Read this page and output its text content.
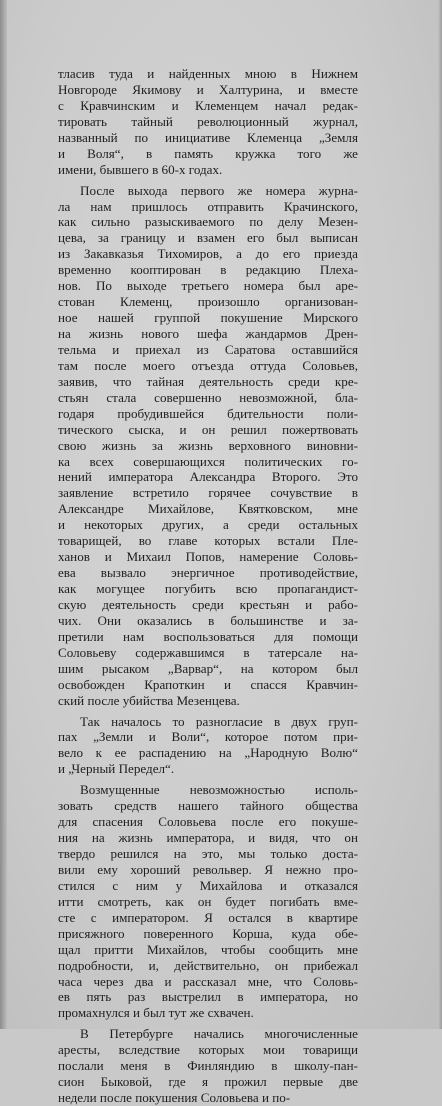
тласив туда и найденных мною в Нижнем
Новгороде Якимову и Халтурина, и вместе
с Кравчинским и Клеменцем начал редак-
тировать тайный революционный журнал,
названный по инициативе Клеменца „Земля
и Воля“, в память кружка того же
имени, бывшего в 60-х годах.
После выхода первого же номера журна-
ла нам пришлось отправить Крачинского,
как сильно разыскиваемого по делу Мезен-
цева, за границу и взамен его был выписан
из Закавказья Тихомиров, а до его приезда
временно кооптирован в редакцию Плеха-
нов. По выходе третьего номера был аре-
стован Клеменц, произошло организован-
ное нашей группой покушение Мирского
на жизнь нового шефа жандармов Дрен-
тельма и приехал из Саратова оставшийся
там после моего отъезда оттуда Соловьев,
заявив, что тайная деятельность среди кре-
стьян стала совершенно невозможной, бла-
годаря пробудившейся бдительности поли-
тического сыска, и он решил пожертвовать
свою жизнь за жизнь верховного виновни-
ка всех совершающихся политических го-
нений императора Александра Второго. Это
заявление встретило горячее сочувствие в
Александре Михайлове, Квятковском, мне
и некоторых других, а среди остальных
товарищей, во главе которых встали Пле-
ханов и Михаил Попов, намерение Соловь-
ева вызвало энергичное противодействие,
как могущее погубить всю пропагандист-
скую деятельность среди крестьян и рабо-
чих. Они оказались в большинстве и за-
претили нам воспользоваться для помощи
Соловьеву содержавшимся в татерсале на-
шим рысаком „Варвар“, на котором был
освобожден Крапоткин и спасся Кравчин-
ский после убийства Мезенцева.
Так началось то разногласие в двух груп-
пах „Земли и Воли“, которое потом при-
вело к ее распадению на „Народную Волю“
и „Черный Передел“.
Возмущенные невозможностью исполь-
зовать средств нашего тайного общества
для спасения Соловьева после его покуше-
ния на жизнь императора, и видя, что он
твердо решился на это, мы только доста-
вили ему хороший револьвер. Я нежно про-
стился с ним у Михайлова и отказался
итти смотреть, как он будет погибать вме-
сте с императором. Я остался в квартире
присяжного поверенного Корша, куда обе-
щал притти Михайлов, чтобы сообщить мне
подробности, и, действительно, он прибежал
часа через два и рассказал мне, что Соловь-
ев пять раз выстрелил в императора, но
промахнулся и был тут же схвачен.
В Петербурге начались многочисленные
аресты, вследствие которых мои товарищи
послали меня в Финляндию в школу-пан-
сион Быковой, где я прожил первые две
недели после покушения Соловьева и по-
